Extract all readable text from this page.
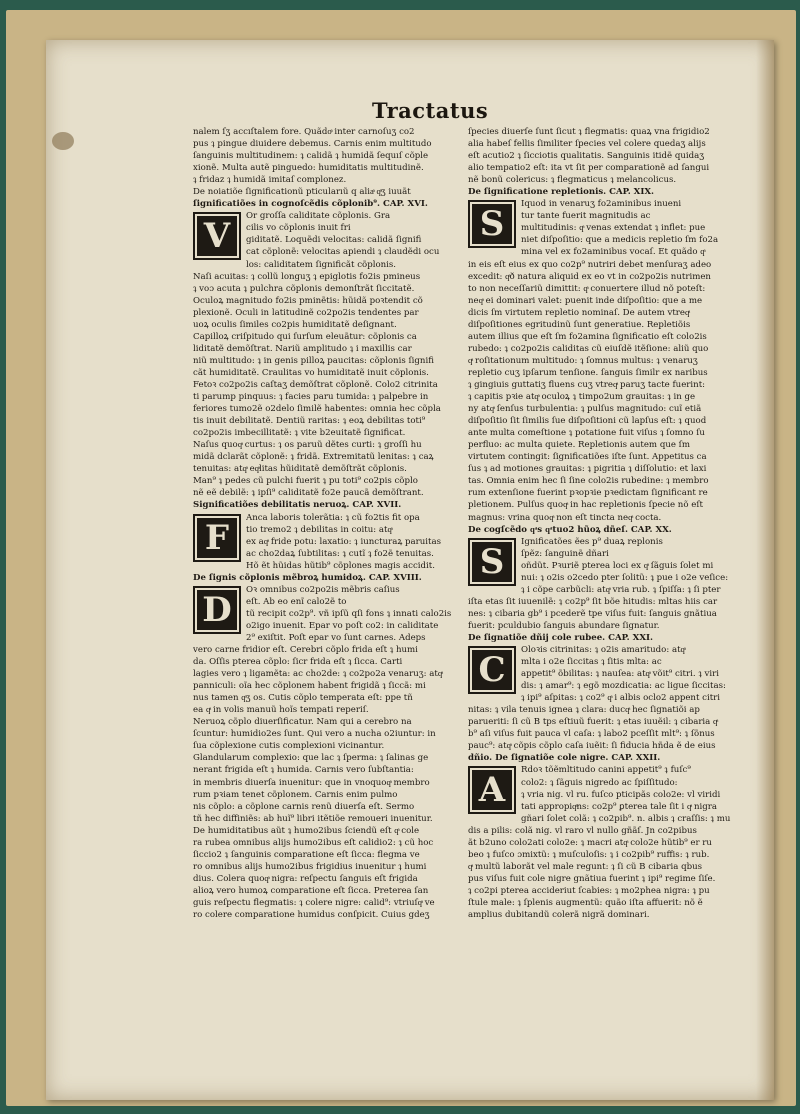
Tractatus
nalem ſʒ accıſtalem fore. Quãdoͣ inter carnoſuʒ co2
pus ʇ pingue diuidere debemus. Carnis enim multitudo
ſanguinis multitudinem: ʇ calidã ʇ humidã ſequıſ cõple
xionẽ. Multa autẽ pinguedo: humiditatis multitudinẽ.
ʇ fridaz ʇ humidã imitaſ complonez.
De noiatiõe ſignificationũ pticularıũ q aliaͣ qͣʒ iuuãt
ſignificatiões in cognoſcẽdis cõplonib⁹. CAP. XVI.
V	Or groſſa caliditate cõplonis. Gra
cilis vo cõplonis inuit fri
giditatẽ. Loquẽdi velocitas: calidã ſignifi
cat cõplonẽ: velocitas apiendi ʇ claudẽdi ocu
los: caliditatem ſignificãt cõplonis.
Naſi acuitas: ʇ collũ longuʒ ʇ epiglotis fo2is pmineus
ʇ voɔ acuta ʇ pulchra cõplonis demonſtrãt ſiccitatẽ.
Oculoꝝ magnitudo fo2is pminẽtis: hũidã poꝛtendit cõ
plexionẽ. Oculi in latitudinẽ co2po2is tendentes par
uoꝝ oculis ſimiles co2pis humiditatẽ deſignant.
Capilloꝝ criſpitudo qui ſurſum eleuãtur: cõplonis ca
liditatẽ demõſtrat. Nariũ amplitudo ʇ i maxillis car
niũ multitudo: ʇ in genis pilloꝝ paucitas: cõplonis ſignifi
cãt humiditatẽ. Craulitas vo humiditatẽ inuit cõplonis.
Fetoꝛ co2po2is caſtaʒ demõſtrat cõplonẽ. Colo2 citrinita
ti parump pinquus: ʇ facies paru tumida: ʇ palpebre in
feriores tumo2ẽ o2delo ſimilẽ habentes: omnia hec cõpla
tis inuit debilitatẽ. Dentiũ raritas: ʇ eoꝝ debilitas toti⁹
co2po2is imbecillitatẽ: ʇ vite b2euitatẽ ſignificat.
Naſus quoqͣ curtus: ʇ os paruũ dẽtes curti: ʇ groſſi hu
midã dclarãt cõplonẽ: ʇ fridã. Extremitatũ lenitas: ʇ caꝝ
tenuitas: atqͣ eqͣlitas hũiditatẽ demõſtrãt cõplonis.
Man⁹ ʇ pedes cũ pulchi fuerit ʇ pu toti⁹ co2pis cõplo
nẽ eẽ debilẽ: ʇ ipſi⁹ caliditatẽ fo2e paucã demõſtrant.
Significatiões debilitatis neruoꝝ. CAP. XVII.
F	Anca laboris tolerãtia: ʇ cũ fo2tis fit opa
tio tremo2 ʇ debilitas in coitu: atqͣ
ex aqͣ fride potu: laxatio: ʇ iuncturaꝝ paruitas
ac cho2daꝝ ſubtilitas: ʇ cutĩ ʇ fo2ẽ tenuitas.
Hõ ẽt hũidas hũtib⁹ cõplones magis accidit.
De ſignis cõplonis mẽbroꝝ humidoꝝ. CAP. XVIII.
D	Oꝛ omnibus co2po2is mẽbris caſius
eſt. Ab eo enĩ calo2ẽ to
tũ recipit co2p⁹. vñ ipſũ qſi fons ʇ innati calo2is
o2igo inuenit. Epar vo poſt co2: in caliditate
2⁹ exiſtit. Poſt epar vo ſunt carnes. Adeps
vero carne fridior eſt. Cerebri cõplo frida eſt ʇ humi
da. Oſſis pterea cõplo: ſicr frida eſt ʇ ſicca. Carti
lagies vero ʇ ligamẽta: ac cho2de: ʇ co2po2a venaruʒ: atqͣ
panniculi: oĩa hec cõplonem habent frigidã ʇ ſiccã: mi
nus tamen qͣʒ os. Cutis cõplo temperata eſt: ppe tñ
ea qͣ in volis manuũ hoĩs tempati reperiſ.
Neruoꝝ cõplo diuerſificatur. Nam qui a cerebro na
ſcuntur: humidio2es ſunt. Qui vero a nucha o2iuntur: in
ſua cõplexione cutis complexioni vicinantur.
Glandularum complexio: que lac ʇ ſperma: ʇ ſalinas ge
nerant frigida eſt ʇ humida. Carnis vero ſubſtantia:
in membris diuerſa inuenitur: que in vnoquoqͣ membro
rum pꝛiam tenet cõplonem. Carnis enim pulmo
nis cõplo: a cõplone carnis renũ diuerſa eſt. Sermo
tñ hec diffiniẽs: ab huĩ⁹ libri itẽtiõe remoueri inuenitur.
De humiditatibus aũt ʇ humo2ibus ſciendũ eſt qͣ cole
ra rubea omnibus alijs humo2ibus eſt calidio2: ʇ cũ hoc
ſiccio2 ʇ ſanguinis comparatione eſt ſicca: flegma ve
ro omnibus alijs humo2ibus frigidius inuenitur ʇ humi
dius. Colera quoqͣ nigra: reſpectu ſanguis eſt frigida
alioꝝ vero humoꝝ comparatione eſt ſicca. Preterea ſan
guis reſpectu flegmatis: ʇ colere nigre: calid⁹: vtriuſqͣ ve
ro colere comparatione humidus conſpicit. Cuius gdeʒ
ſpecies diuerſe ſunt ſicut ʇ flegmatis: quaꝝ vna frigidio2
alia habeſ fellis ſimiliter ſpecies vel colere quedaʒ alijs
eſt acutio2 ʇ ſicciotis qualitatis. Sanguinis itidẽ quidaʒ
alio tempatio2 eſt: ita vt ſit per comparationẽ ad ſangui
nẽ bonũ colericus: ʇ flegmaticus ʇ melancolicus.
De ſignificatione repletionis. CAP. XIX.
S	Iquod in venaruʒ fo2aminibus inueni
tur tante fuerit magnitudis ac
multitudinis: qͣ venas extendat ʇ inflet: pue
niet diſpoſitio: que a medicis repletio ſm fo2a
mina vel ex fo2aminibus vocaſ. Et quãdo qͣ
in eis eſt eius ex quo co2p⁹ nutriri debet menſuraʒ adeo
excedit: qͣð natura aliquid ex eo vt in co2po2is nutrimen
to non neceſſariũ dimittit: qͣ conuertere illud nõ poteſt:
neqͣ ei dominari valet: puenit inde diſpoſitio: que a me
dicis ſm virtutem repletio nominaſ. De autem vtreqͣ
diſpoſitiones egritudinũ ſunt generatiue. Repletiõis
autem illius que eſt ſm fo2amina ſignificatio eſt colo2is
rubedo: ʇ co2po2is caliditas cũ eiuſdẽ itẽſione: aliũ quo
qͣ roſitationum multitudo: ʇ ſomnus multus: ʇ venaruʒ
repletio cuʒ ipſarum tenſione. ſanguis ſimilr ex naribus
ʇ gingiuis guttatiʒ fluens cuʒ vtreqͣ paruʒ tacte fuerint:
ʇ capitis pꝛie atqͣ oculoꝝ ʇ timpo2um grauitas: ʇ in ge
ny atqͣ ſenſus turbulentia: ʇ pulſus magnitudo: cuĩ etiã
diſpoſitio ſit ſimilis ſue diſpoſitioni cũ lapſus eſt: ʇ quod
ante multa comeſtione ʇ potatione fuit viſus ʇ ſomno ſu
perfluo: ac multa quiete. Repletionis autem que ſm
virtutem contingit: ſignificatiões iſte ſunt. Appetitus ca
ſus ʇ ad motiones grauitas: ʇ pigritia ʇ diſſolutio: et laxi
tas. Omnia enim hec ſi ſine colo2is rubedine: ʇ membro
rum extenſione fuerint pꝛopꝛie pꝛedictam ſignificant re
pletionem. Pulſus quoqͣ in hac repletionis ſpecie nõ eſt
magnus: vrina quoqͣ non eſt tincta neqͣ cocta.
De cogſcẽdo qͣs qͣtuo2 hũoꝝ dñeſ. CAP. XX.
S	Ignificatões ẽes p⁹ duaꝝ replonis
ſpẽz: ſanguinẽ dñari
oñdũt. Pꝛuriẽ pterea loci ex qͣ ſãguis ſolet mi
nui: ʇ o2is o2cedo pter ſolitũ: ʇ pue i o2e veſice:
ʇ i cõpe carbũcli: atqͣ vria rub. ʇ ſpiſſa: ʇ ſi pter
iſta etas ſit iuuenilẽ: ʇ co2p⁹ ſit bõe hitudis: mltas hiis car
nes: ʇ cibaria gb⁹ i pcederẽ tpe viſus fuit: ſanguis gnãtiua
fuerit: pculdubio ſanguis abundare ſignatur.
De ſignatiõe dñij cole rubee. CAP. XXI.
C	Oloꝛis citrinitas: ʇ o2is amaritudo: atqͣ
mlta i o2e ſiccitas ʇ ſitis mlta: ac
appetit⁹ õbilitas: ʇ nauſea: atqͣ võit⁹ citri. ʇ viri
dis: ʇ amar⁹: ʇ egõ mozdicatia: ac ligue ſiccitas:
ʇ ipi⁹ aſpitas: ʇ co2⁹ qͣ i albis oclo2 appent citri
nitas: ʇ vila tenuis ignea ʇ clara: ducqͣ hec ſignatiõi ap
parueriti: ſi cũ B tps eſtiuũ fuerit: ʇ etas iuuẽil: ʇ cibaria qͣ
b⁹ aſi viſus fuit pauca vl caſa: ʇ labo2 pceſſit mlt⁹: ʇ ſõnus
pauc⁹: atqͣ cõpis cõplo caſa iuẽit: ſi fiducia hñda ẽ de eius
dñio. De ſignatiõe cole nigre. CAP. XXII.
A	Rdoꝛ tõẽmltitudo canini appetit⁹ ʇ fuſc⁹
colo2: ʇ ſãguis nigredo ac ſpiſſitudo:
ʇ vria nig. vl ru. fuſco pticipãs colo2e: vl viridi
tati appropiqͣns: co2p⁹ ꝑterea tale ſit i qͣ nigra
gñari ſolet colã: ʇ co2pib⁹. n. albis ʇ craſſis: ʇ mu
dis a pilis: colã nig. vl raro vl nullo gñãſ. Jn co2pibus
ãt b2uno colo2ati colo2e: ʇ macri atqͣ colo2e hũtib⁹ er ru
beo ʇ fuſco ɔmixtũ: ʇ muſculoſis: ʇ i co2pib⁹ ruffis: ʇ rub.
qͣ multũ laborãt vel male regunt: ʇ ſi cũ B cibaria qbus
pus viſus fuit cole nigre gnãtiua fuerint ʇ ipi⁹ regime ſiſe.
ʇ co2pi pterea accideriut ſcabies: ʇ mo2phea nigra: ʇ pu
ſtule male: ʇ ſplenis augmentũ: quão iſta affuerit: nõ ẽ
amplius dubitandũ colerã nigrã dominari.
